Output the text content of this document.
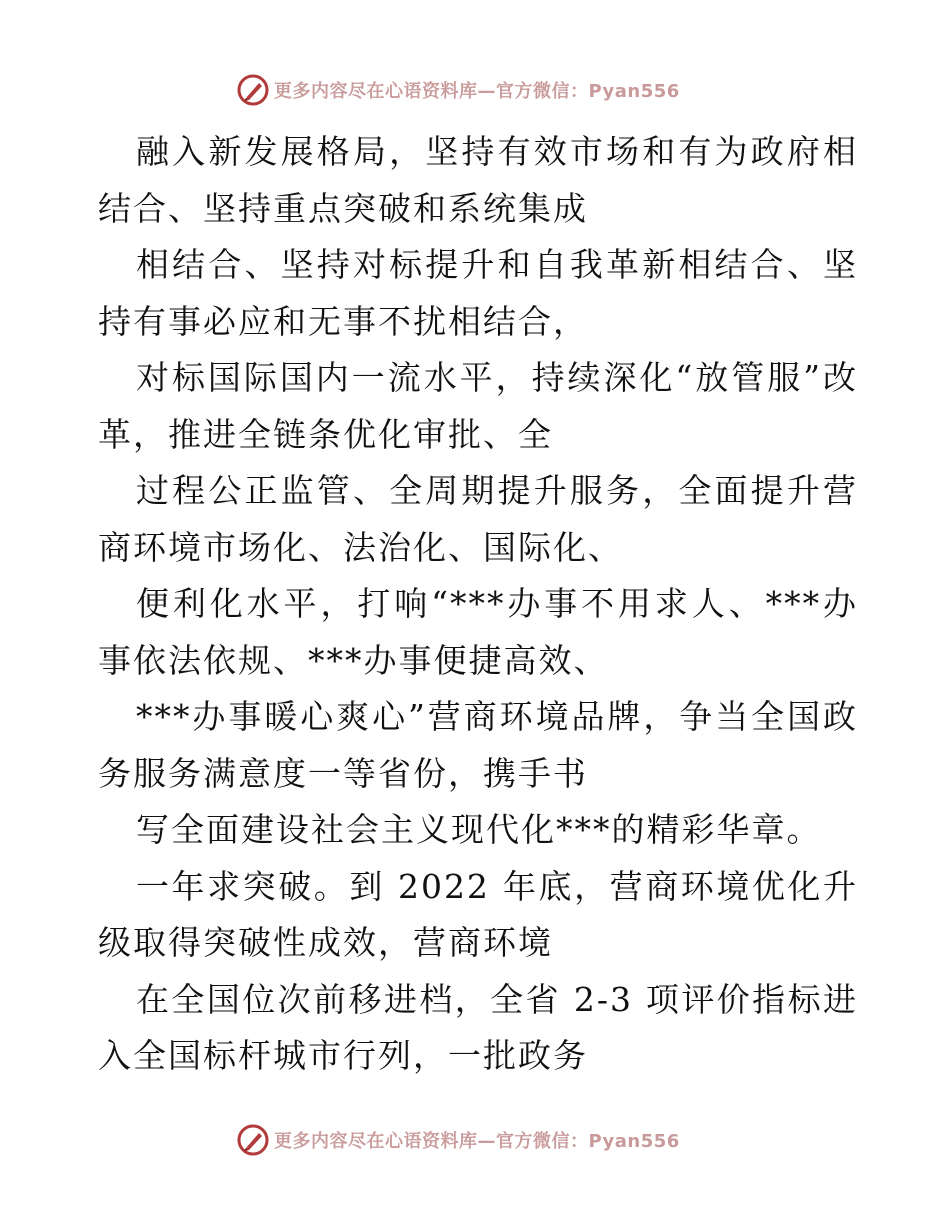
更多内容尽在心语资料库—官方微信：Pyan556

融入新发展格局，坚持有效市场和有为政府相结合、坚持重点突破和系统集成

相结合、坚持对标提升和自我革新相结合、坚持有事必应和无事不扰相结合，

对标国际国内一流水平，持续深化“放管服”改革，推进全链条优化审批、全

过程公正监管、全周期提升服务，全面提升营商环境市场化、法治化、国际化、

便利化水平，打响“***办事不用求人、***办事依法依规、***办事便捷高效、

***办事暖心爽心”营商环境品牌，争当全国政务服务满意度一等省份，携手书

写全面建设社会主义现代化***的精彩华章。

一年求突破。到 2022 年底，营商环境优化升级取得突破性成效，营商环境

在全国位次前移进档，全省 2-3 项评价指标进入全国标杆城市行列，一批政务

更多内容尽在心语资料库—官方微信：Pyan556
